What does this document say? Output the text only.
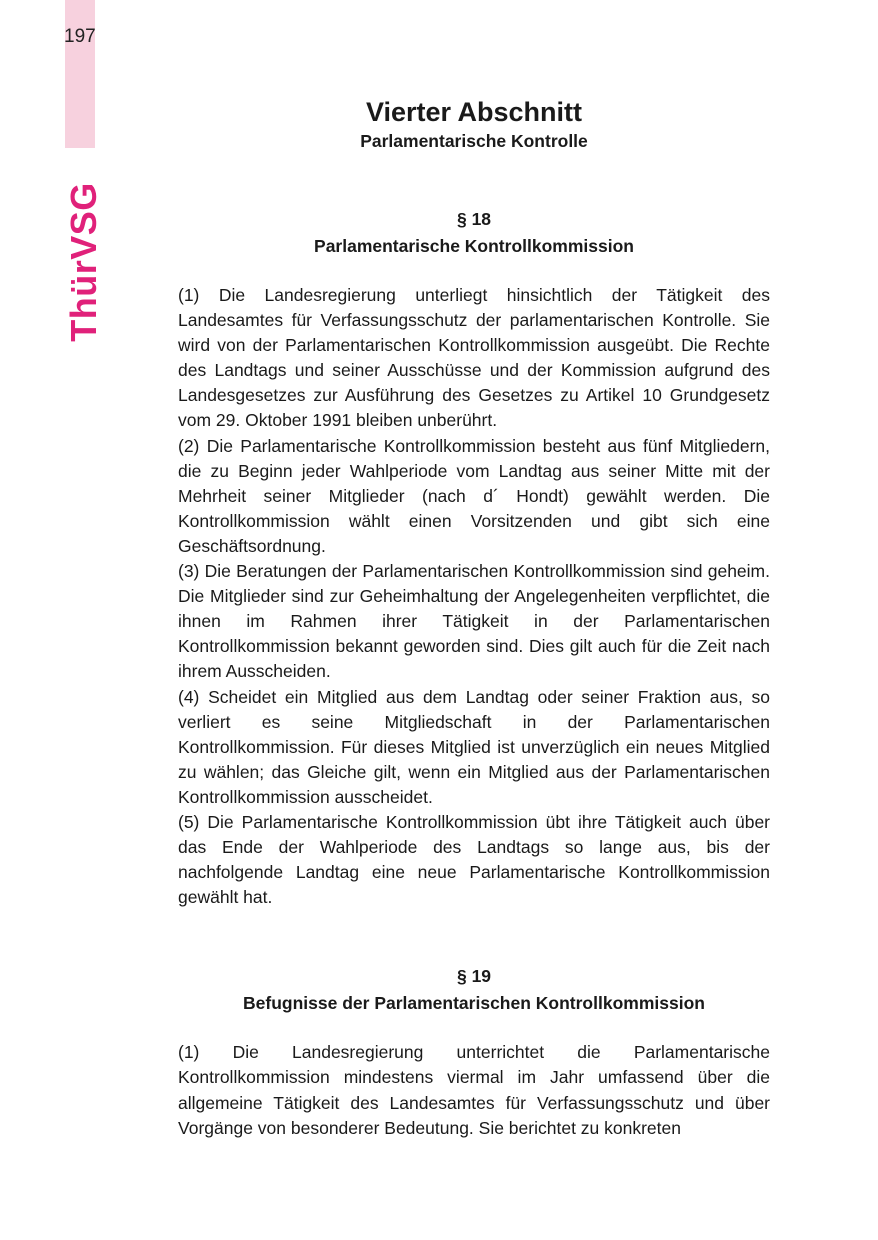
197
ThürVSG
Vierter Abschnitt
Parlamentarische Kontrolle
§ 18
Parlamentarische Kontrollkommission

(1) Die Landesregierung unterliegt hinsichtlich der Tätigkeit des Landesamtes für Verfassungsschutz der parlamentarischen Kontrolle. Sie wird von der Parlamentarischen Kontrollkommission ausgeübt. Die Rechte des Landtags und seiner Ausschüsse und der Kommission aufgrund des Landesgesetzes zur Ausführung des Gesetzes zu Artikel 10 Grundgesetz vom 29. Oktober 1991 bleiben unberührt.

(2) Die Parlamentarische Kontrollkommission besteht aus fünf Mitgliedern, die zu Beginn jeder Wahlperiode vom Landtag aus seiner Mitte mit der Mehrheit seiner Mitglieder (nach d´ Hondt) gewählt werden. Die Kontrollkommission wählt einen Vorsitzenden und gibt sich eine Geschäftsordnung.

(3) Die Beratungen der Parlamentarischen Kontrollkommission sind geheim. Die Mitglieder sind zur Geheimhaltung der Angelegenheiten verpflichtet, die ihnen im Rahmen ihrer Tätigkeit in der Parlamentarischen Kontrollkommission bekannt geworden sind. Dies gilt auch für die Zeit nach ihrem Ausscheiden.

(4) Scheidet ein Mitglied aus dem Landtag oder seiner Fraktion aus, so verliert es seine Mitgliedschaft in der Parlamentarischen Kontrollkommission. Für dieses Mitglied ist unverzüglich ein neues Mitglied zu wählen; das Gleiche gilt, wenn ein Mitglied aus der Parlamentarischen Kontrollkommission ausscheidet.

(5) Die Parlamentarische Kontrollkommission übt ihre Tätigkeit auch über das Ende der Wahlperiode des Landtags so lange aus, bis der nachfolgende Landtag eine neue Parlamentarische Kontrollkommission gewählt hat.

§ 19
Befugnisse der Parlamentarischen Kontrollkommission

(1) Die Landesregierung unterrichtet die Parlamentarische Kontrollkommission mindestens viermal im Jahr umfassend über die allgemeine Tätigkeit des Landesamtes für Verfassungsschutz und über Vorgänge von besonderer Bedeutung. Sie berichtet zu konkreten
